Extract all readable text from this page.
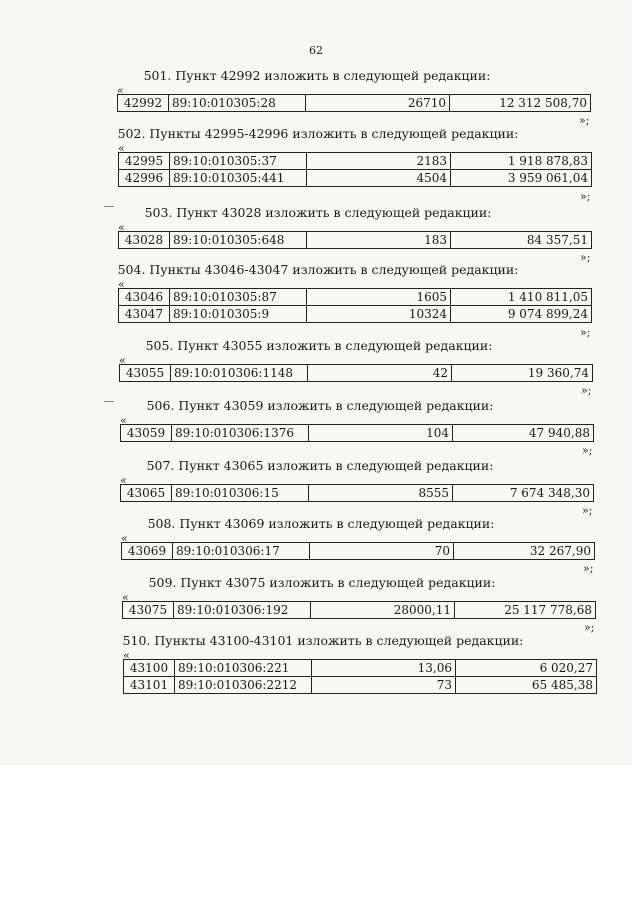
62
501. Пункт 42992 изложить в следующей редакции:
«
42992	89:10:010305:28	26710	12 312 508,70
»;
502. Пункты 42995-42996 изложить в следующей редакции:
«
42995	89:10:010305:37	2183	1 918 878,83
42996	89:10:010305:441	4504	3 959 061,04
»;
503. Пункт 43028 изложить в следующей редакции:
«
43028	89:10:010305:648	183	84 357,51
»;
504. Пункты 43046-43047 изложить в следующей редакции:
«
43046	89:10:010305:87	1605	1 410 811,05
43047	89:10:010305:9	10324	9 074 899,24
»;
505. Пункт 43055 изложить в следующей редакции:
«
43055	89:10:010306:1148	42	19 360,74
»;
506. Пункт 43059 изложить в следующей редакции:
«
43059	89:10:010306:1376	104	47 940,88
»;
507. Пункт 43065 изложить в следующей редакции:
«
43065	89:10:010306:15	8555	7 674 348,30
»;
508. Пункт 43069 изложить в следующей редакции:
«
43069	89:10:010306:17	70	32 267,90
»;
509. Пункт 43075 изложить в следующей редакции:
«
43075	89:10:010306:192	28000,11	25 117 778,68
»;
510. Пункты 43100-43101 изложить в следующей редакции:
«
43100	89:10:010306:221	13,06	6 020,27
43101	89:10:010306:2212	73	65 485,38
